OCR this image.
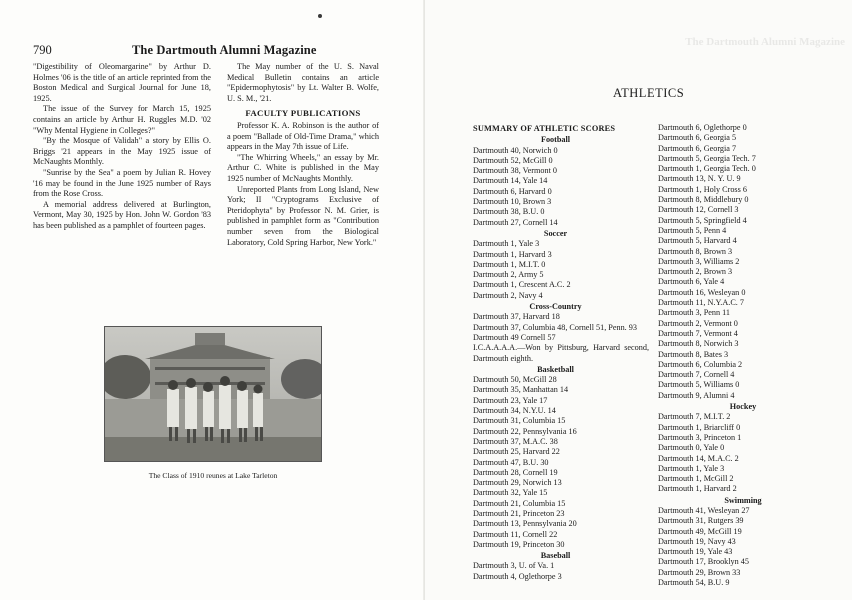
790	The Dartmouth Alumni Magazine

"Digestibility of Oleomargarine" by Arthur D. Holmes '06 is the title of an article reprinted from the Boston Medical and Surgical Journal for June 18, 1925.

The issue of the Survey for March 15, 1925 contains an article by Arthur H. Ruggles M.D. '02 "Why Mental Hygiene in Colleges?"

"By the Mosque of Validah" a story by Ellis O. Briggs '21 appears in the May 1925 issue of McNaughts Monthly.

"Sunrise by the Sea" a poem by Julian R. Hovey '16 may be found in the June 1925 number of Rays from the Rose Cross.

A memorial address delivered at Burlington, Vermont, May 30, 1925 by Hon. John W. Gordon '83 has been published as a pamphlet of fourteen pages.

The May number of the U. S. Naval Medical Bulletin contains an article "Epidermophytosis" by Lt. Walter B. Wolfe, U. S. M., '21.

FACULTY PUBLICATIONS

Professor K. A. Robinson is the author of a poem "Ballade of Old-Time Drama," which appears in the May 7th issue of Life.

"The Whirring Wheels," an essay by Mr. Arthur C. White is published in the May 1925 number of McNaughts Monthly.

Unreported Plants from Long Island, New York; II "Cryptograms Exclusive of Pteridophyta" by Professor N. M. Grier, is published in pamphlet form as "Contribution number seven from the Biological Laboratory, Cold Spring Harbor, New York."

The Class of 1910 reunes at Lake Tarleton
The Dartmouth Alumni Magazine
ATHLETICS
SUMMARY OF ATHLETIC SCORES
Football
Dartmouth 40, Norwich 0
Dartmouth 52, McGill 0
Dartmouth 38, Vermont 0
Dartmouth 14, Yale 14
Dartmouth 6, Harvard 0
Dartmouth 10, Brown 3
Dartmouth 38, B.U. 0
Dartmouth 27, Cornell 14
Soccer
Dartmouth 1, Yale 3
Dartmouth 1, Harvard 3
Dartmouth 1, M.I.T. 0
Dartmouth 2, Army 5
Dartmouth 1, Crescent A.C. 2
Dartmouth 2, Navy 4
Cross-Country
Dartmouth 37, Harvard 18
Dartmouth 37, Columbia 48, Cornell 51, Penn. 93
Dartmouth 49 Cornell 57
I.C.A.A.A.A.—Won by Pittsburg, Harvard second, Dartmouth eighth.
Basketball
Dartmouth 50, McGill 28
Dartmouth 35, Manhattan 14
Dartmouth 23, Yale 17
Dartmouth 34, N.Y.U. 14
Dartmouth 31, Columbia 15
Dartmouth 22, Pennsylvania 16
Dartmouth 37, M.A.C. 38
Dartmouth 25, Harvard 22
Dartmouth 47, B.U. 30
Dartmouth 28, Cornell 19
Dartmouth 29, Norwich 13
Dartmouth 32, Yale 15
Dartmouth 21, Columbia 15
Dartmouth 21, Princeton 23
Dartmouth 13, Pennsylvania 20
Dartmouth 11, Cornell 22
Dartmouth 19, Princeton 30
Baseball
Dartmouth 3, U. of Va. 1
Dartmouth 4, Oglethorpe 3
Dartmouth 6, Oglethorpe 0
Dartmouth 6, Georgia 5
Dartmouth 6, Georgia 7
Dartmouth 5, Georgia Tech. 7
Dartmouth 1, Georgia Tech. 0
Dartmouth 13, N. Y. U. 9
Dartmouth 1, Holy Cross 6
Dartmouth 8, Middlebury 0
Dartmouth 12, Cornell 3
Dartmouth 5, Springfield 4
Dartmouth 5, Penn 4
Dartmouth 5, Harvard 4
Dartmouth 8, Brown 3
Dartmouth 3, Williams 2
Dartmouth 2, Brown 3
Dartmouth 6, Yale 4
Dartmouth 16, Wesleyan 0
Dartmouth 11, N.Y.A.C. 7
Dartmouth 3, Penn 11
Dartmouth 2, Vermont 0
Dartmouth 7, Vermont 4
Dartmouth 8, Norwich 3
Dartmouth 8, Bates 3
Dartmouth 6, Columbia 2
Dartmouth 7, Cornell 4
Dartmouth 5, Williams 0
Dartmouth 9, Alumni 4
Hockey
Dartmouth 7, M.I.T. 2
Dartmouth 1, Briarcliff 0
Dartmouth 3, Princeton 1
Dartmouth 0, Yale 0
Dartmouth 14, M.A.C. 2
Dartmouth 1, Yale 3
Dartmouth 1, McGill 2
Dartmouth 1, Harvard 2
Swimming
Dartmouth 41, Wesleyan 27
Dartmouth 31, Rutgers 39
Dartmouth 49, McGill 19
Dartmouth 19, Navy 43
Dartmouth 19, Yale 43
Dartmouth 17, Brooklyn 45
Dartmouth 29, Brown 33
Dartmouth 54, B.U. 9
